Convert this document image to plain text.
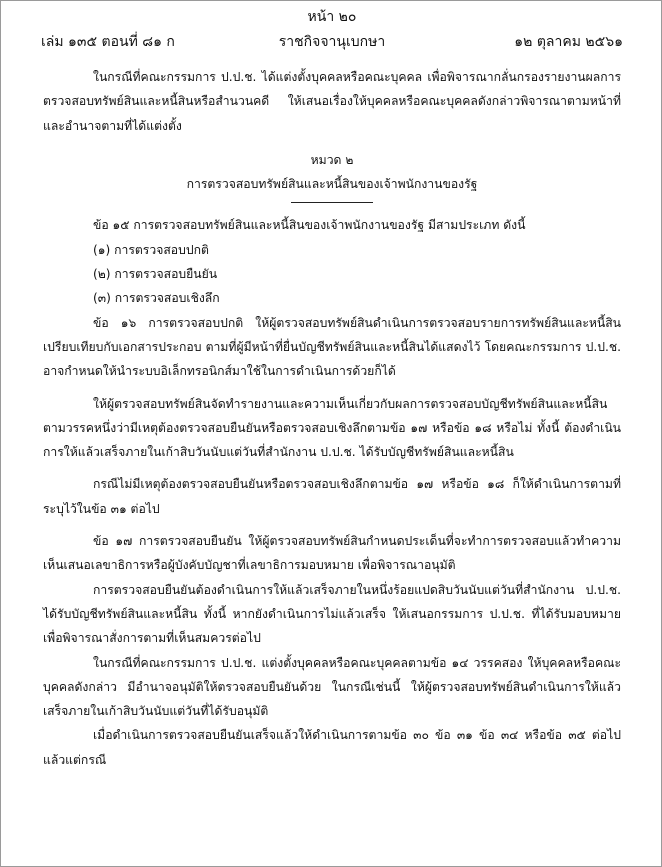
หน้า ๒๐
เล่ม ๑๓๕ ตอนที่ ๘๑ ก	ราชกิจจานุเบกษา	๑๒ ตุลาคม ๒๕๖๑

ในกรณีที่คณะกรรมการ ป.ป.ช. ได้แต่งตั้งบุคคลหรือคณะบุคคล เพื่อพิจารณากลั่นกรองรายงานผลการตรวจสอบทรัพย์สินและหนี้สินหรือสำนวนคดี ให้เสนอเรื่องให้บุคคลหรือคณะบุคคลดังกล่าวพิจารณาตามหน้าที่และอำนาจตามที่ได้แต่งตั้ง

หมวด ๒

การตรวจสอบทรัพย์สินและหนี้สินของเจ้าพนักงานของรัฐ

ข้อ ๑๕ การตรวจสอบทรัพย์สินและหนี้สินของเจ้าพนักงานของรัฐ มีสามประเภท ดังนี้

(๑) การตรวจสอบปกติ

(๒) การตรวจสอบยืนยัน

(๓) การตรวจสอบเชิงลึก

ข้อ ๑๖ การตรวจสอบปกติ ให้ผู้ตรวจสอบทรัพย์สินดำเนินการตรวจสอบรายการทรัพย์สินและหนี้สินเปรียบเทียบกับเอกสารประกอบ ตามที่ผู้มีหน้าที่ยื่นบัญชีทรัพย์สินและหนี้สินได้แสดงไว้ โดยคณะกรรมการ ป.ป.ช. อาจกำหนดให้นำระบบอิเล็กทรอนิกส์มาใช้ในการดำเนินการด้วยก็ได้

ให้ผู้ตรวจสอบทรัพย์สินจัดทำรายงานและความเห็นเกี่ยวกับผลการตรวจสอบบัญชีทรัพย์สินและหนี้สินตามวรรคหนึ่งว่ามีเหตุต้องตรวจสอบยืนยันหรือตรวจสอบเชิงลึกตามข้อ ๑๗ หรือข้อ ๑๘ หรือไม่ ทั้งนี้ ต้องดำเนินการให้แล้วเสร็จภายในเก้าสิบวันนับแต่วันที่สำนักงาน ป.ป.ช. ได้รับบัญชีทรัพย์สินและหนี้สิน

กรณีไม่มีเหตุต้องตรวจสอบยืนยันหรือตรวจสอบเชิงลึกตามข้อ ๑๗ หรือข้อ ๑๘ ก็ให้ดำเนินการตามที่ระบุไว้ในข้อ ๓๑ ต่อไป

ข้อ ๑๗ การตรวจสอบยืนยัน ให้ผู้ตรวจสอบทรัพย์สินกำหนดประเด็นที่จะทำการตรวจสอบแล้วทำความเห็นเสนอเลขาธิการหรือผู้บังคับบัญชาที่เลขาธิการมอบหมาย เพื่อพิจารณาอนุมัติ

การตรวจสอบยืนยันต้องดำเนินการให้แล้วเสร็จภายในหนึ่งร้อยแปดสิบวันนับแต่วันที่สำนักงาน ป.ป.ช. ได้รับบัญชีทรัพย์สินและหนี้สิน ทั้งนี้ หากยังดำเนินการไม่แล้วเสร็จ ให้เสนอกรรมการ ป.ป.ช. ที่ได้รับมอบหมายเพื่อพิจารณาสั่งการตามที่เห็นสมควรต่อไป

ในกรณีที่คณะกรรมการ ป.ป.ช. แต่งตั้งบุคคลหรือคณะบุคคลตามข้อ ๑๔ วรรคสอง ให้บุคคลหรือคณะบุคคลดังกล่าว มีอำนาจอนุมัติให้ตรวจสอบยืนยันด้วย ในกรณีเช่นนี้ ให้ผู้ตรวจสอบทรัพย์สินดำเนินการให้แล้วเสร็จภายในเก้าสิบวันนับแต่วันที่ได้รับอนุมัติ

เมื่อดำเนินการตรวจสอบยืนยันเสร็จแล้วให้ดำเนินการตามข้อ ๓๐ ข้อ ๓๑ ข้อ ๓๔ หรือข้อ ๓๕ ต่อไป แล้วแต่กรณี
